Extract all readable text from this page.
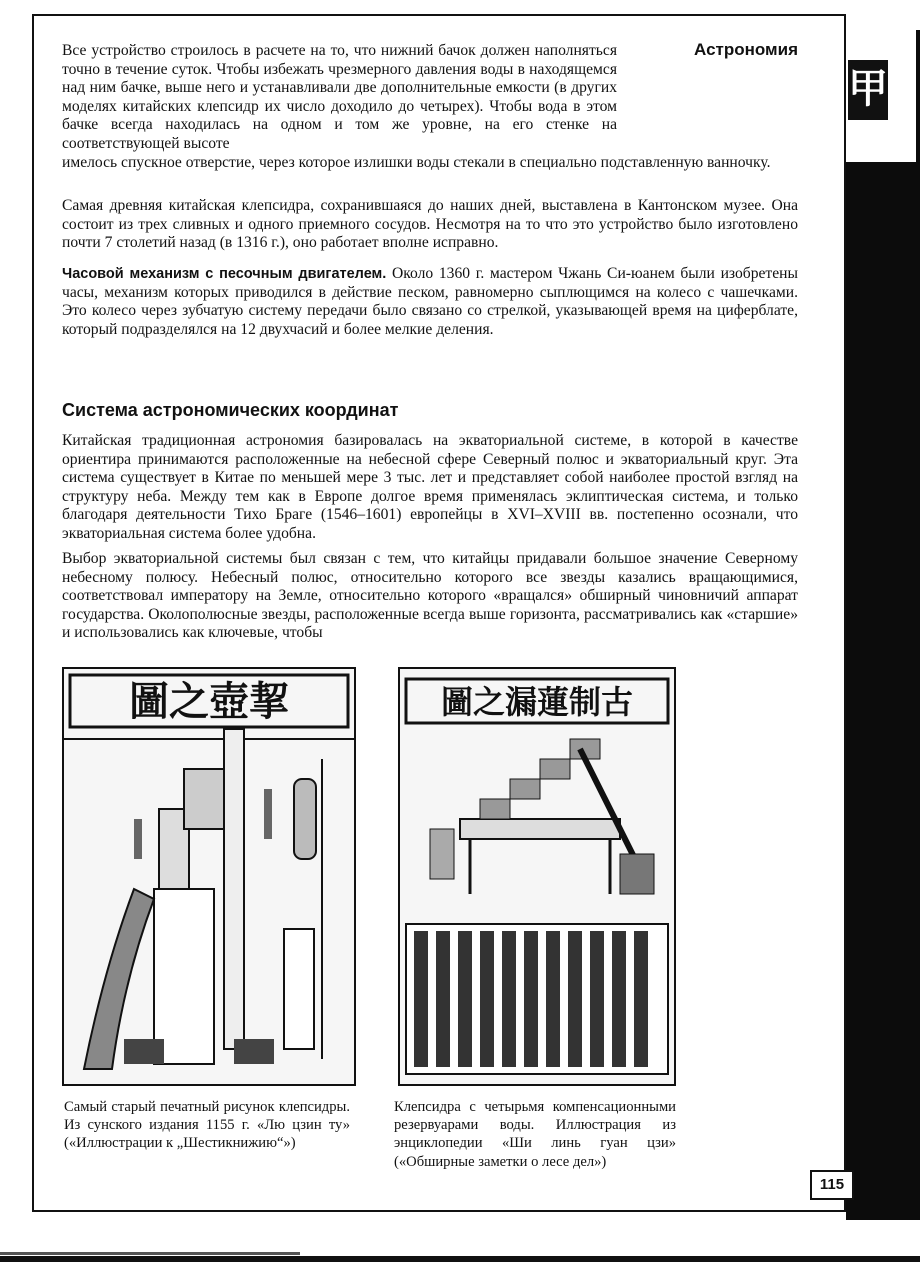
甲
Астрономия
Все устройство строилось в расчете на то, что нижний бачок должен наполняться точно в течение суток. Чтобы избежать чрезмерного давления воды в находящемся над ним бачке, выше него и устанавливали две дополнительные емкости (в других моделях китайских клепсидр их число доходило до четырех). Чтобы вода в этом бачке всегда находилась на одном и том же уровне, на его стенке на соответствующей высоте
имелось спускное отверстие, через которое излишки воды стекали в специально подставленную ванночку.
Самая древняя китайская клепсидра, сохранившаяся до наших дней, выставлена в Кантонском музее. Она состоит из трех сливных и одного приемного сосудов. Несмотря на то что это устройство было изготовлено почти 7 столетий назад (в 1316 г.), оно работает вполне исправно.
Часовой механизм с песочным двигателем. Около 1360 г. мастером Чжань Си-юанем были изобретены часы, механизм которых приводился в действие песком, равномерно сыплющимся на колесо с чашечками. Это колесо через зубчатую систему передачи было связано со стрелкой, указывающей время на циферблате, который подразделялся на 12 двухчасий и более мелкие деления.
Система астрономических координат
Китайская традиционная астрономия базировалась на экваториальной системе, в которой в качестве ориентира принимаются расположенные на небесной сфере Северный полюс и экваториальный круг. Эта система существует в Китае по меньшей мере 3 тыс. лет и представляет собой наиболее простой взгляд на структуру неба. Между тем как в Европе долгое время применялась эклиптическая система, и только благодаря деятельности Тихо Браге (1546–1601) европейцы в XVI–XVIII вв. постепенно осознали, что экваториальная система более удобна.
Выбор экваториальной системы был связан с тем, что китайцы придавали большое значение Северному небесному полюсу. Небесный полюс, относительно которого все звезды казались вращающимися, соответствовал императору на Земле, относительно которого «вращался» обширный чиновничий аппарат государства. Околополюсные звезды, расположенные всегда выше горизонта, рассматривались как «старшие» и использовались как ключевые, чтобы
圖之壺挈	圖之漏蓮制古
Самый старый печатный рисунок клепсидры. Из сунского издания 1155 г. «Лю цзин ту» («Иллюстрации к „Шестикнижию“»)
Клепсидра с четырьмя компенсационными резервуарами воды. Иллюстрация из энциклопедии «Ши линь гуан цзи» («Обширные заметки о лесе дел»)
115
